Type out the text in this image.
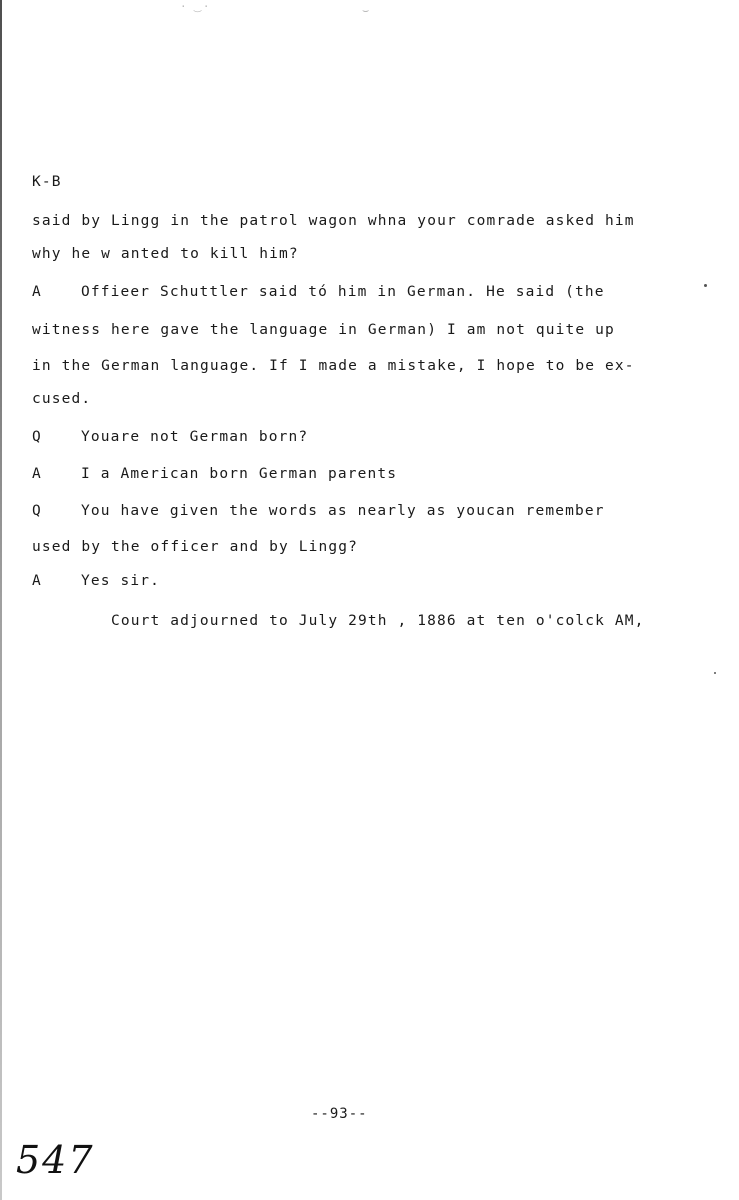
· ͜ ·	⌣
K-B
said by Lingg in the patrol wagon whna your comrade asked him
why he w anted to kill him?
A	Offieer Schuttler said tó him in German. He said (the
witness here gave the language in German) I am not quite up
in the German language. If I made a mistake, I hope to be ex-
cused.
Q	Youare not German born?
A	I a American born German parents
Q	You have given the words as nearly as youcan remember
used by the officer and by Lingg?
A	Yes sir.
Court adjourned to July 29th , 1886 at ten o'colck AM,
--93--
547
